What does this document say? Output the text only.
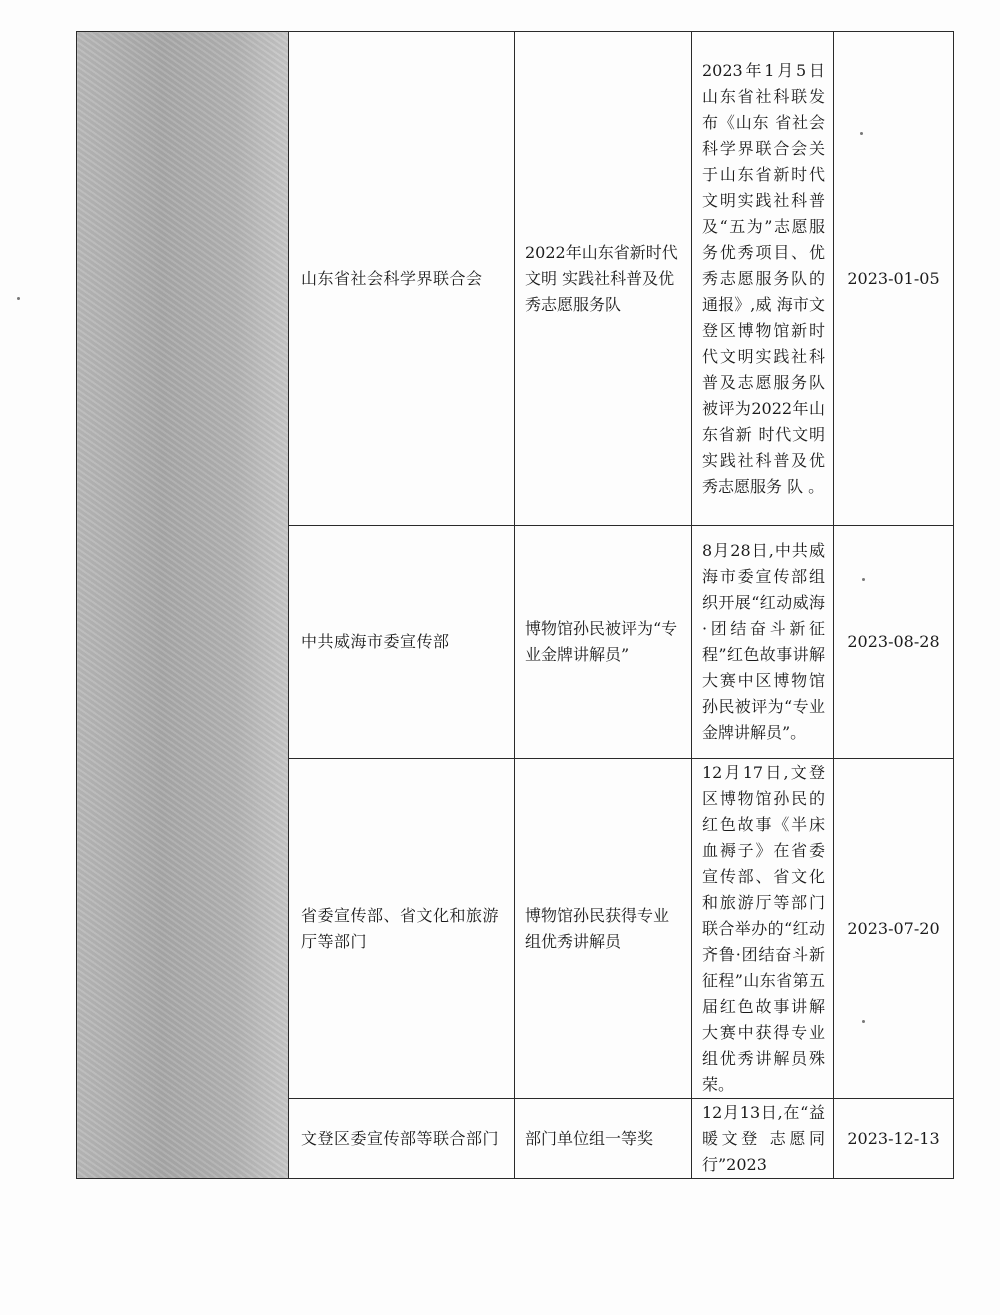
	山东省社会科学界联合会	2022年山东省新时代文明 实践社科普及优秀志愿服务队	2023年1月5日山东省社科联发布《山东 省社会科学界联合会关于山东省新时代 文明实践社科普及“五为”志愿服务优秀项目、优秀志愿服务队的通报》,威 海市文登区博物馆新时代文明实践社科 普及志愿服务队被评为2022年山东省新 时代文明实践社科普及优秀志愿服务 队 。	2023-01-05

	中共威海市委宣传部	博物馆孙民被评为“专业金牌讲解员”	8月28日,中共威海市委宣传部组织开展“红动威海·团结奋斗新征程”红色故事讲解大赛中区博物馆孙民被评为“专业金牌讲解员”。	2023-08-28

	省委宣传部、省文化和旅游厅等部门	博物馆孙民获得专业组优秀讲解员	12月17日,文登区博物馆孙民的红色故事《半床血褥子》在省委宣传部、省文化和旅游厅等部门联合举办的“红动齐鲁·团结奋斗新征程”山东省第五届红色故事讲解大赛中获得专业组优秀讲解员殊荣。	2023-07-20

	文登区委宣传部等联合部门	部门单位组一等奖	12月13日,在“益暖文登 志愿同行”2023	2023-12-13
